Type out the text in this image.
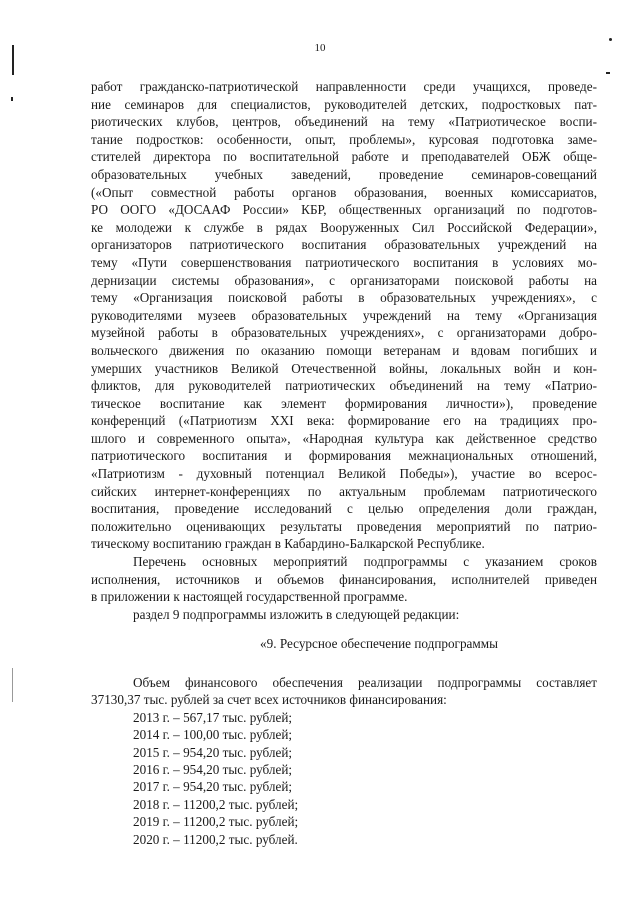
10
работ гражданско-патриотической направленности среди учащихся, проведе-
ние семинаров для специалистов, руководителей детских, подростковых пат-
риотических клубов, центров, объединений на тему «Патриотическое воспи-
тание подростков: особенности, опыт, проблемы», курсовая подготовка заме-
стителей директора по воспитательной работе и преподавателей ОБЖ обще-
образовательных учебных заведений, проведение семинаров-совещаний
(«Опыт совместной работы органов образования, военных комиссариатов,
РО ООГО «ДОСААФ России» КБР, общественных организаций по подготов-
ке молодежи к службе в рядах Вооруженных Сил Российской Федерации»,
организаторов патриотического воспитания образовательных учреждений на
тему «Пути совершенствования патриотического воспитания в условиях мо-
дернизации системы образования», с организаторами поисковой работы на
тему «Организация поисковой работы в образовательных учреждениях», с
руководителями музеев образовательных учреждений на тему «Организация
музейной работы в образовательных учреждениях», с организаторами добро-
вольческого движения по оказанию помощи ветеранам и вдовам погибших и
умерших участников Великой Отечественной войны, локальных войн и кон-
фликтов, для руководителей патриотических объединений на тему «Патрио-
тическое воспитание как элемент формирования личности»), проведение
конференций («Патриотизм XXI века: формирование его на традициях про-
шлого и современного опыта», «Народная культура как действенное средство
патриотического воспитания и формирования межнациональных отношений,
«Патриотизм - духовный потенциал Великой Победы»), участие во всерос-
сийских интернет-конференциях по актуальным проблемам патриотического
воспитания, проведение исследований с целью определения доли граждан,
положительно оценивающих результаты проведения мероприятий по патрио-
тическому воспитанию граждан в Кабардино-Балкарской Республике.
Перечень основных мероприятий подпрограммы с указанием сроков
исполнения, источников и объемов финансирования, исполнителей приведен
в приложении к настоящей государственной программе.
раздел 9 подпрограммы изложить в следующей редакции:
«9. Ресурсное обеспечение подпрограммы
Объем финансового обеспечения реализации подпрограммы составляет
37130,37 тыс. рублей за счет всех источников финансирования:
2013 г. – 567,17 тыс. рублей;
2014 г. – 100,00 тыс. рублей;
2015 г. – 954,20 тыс. рублей;
2016 г. – 954,20 тыс. рублей;
2017 г. – 954,20 тыс. рублей;
2018 г. – 11200,2 тыс. рублей;
2019 г. – 11200,2 тыс. рублей;
2020 г. – 11200,2 тыс. рублей.
